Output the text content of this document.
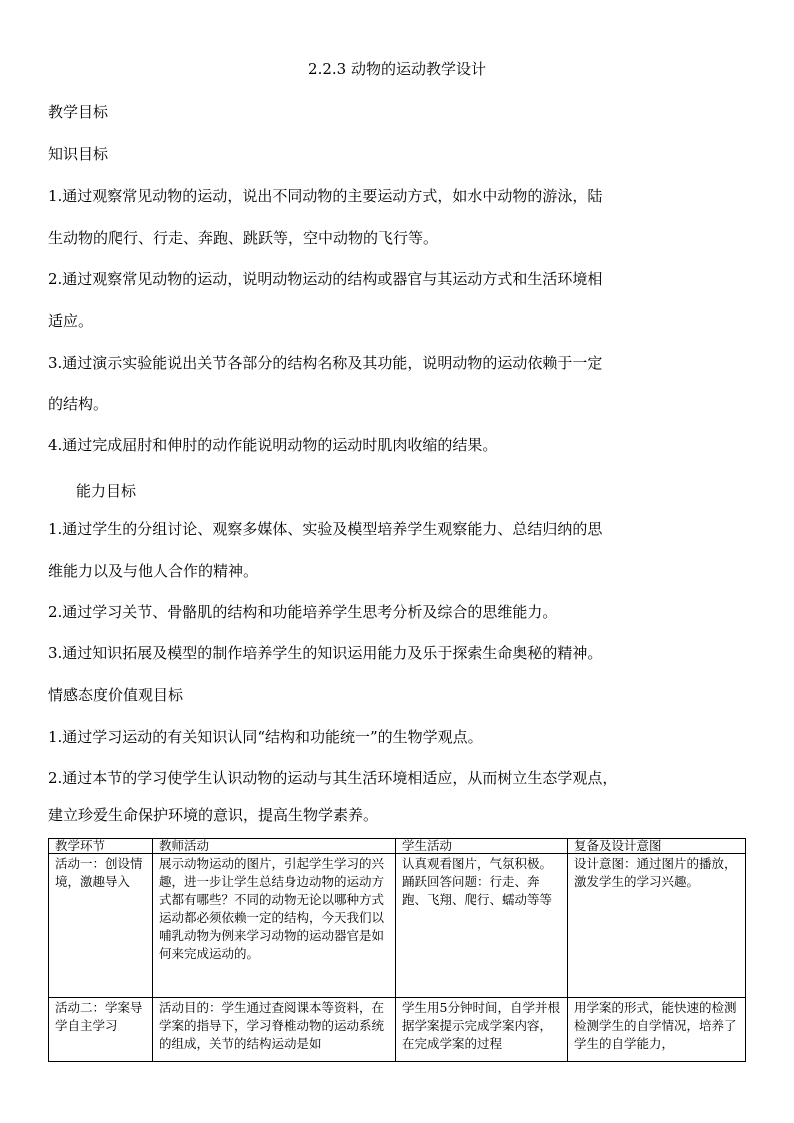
2.2.3 动物的运动教学设计
教学目标
知识目标
1.通过观察常见动物的运动，说出不同动物的主要运动方式，如水中动物的游泳，陆
生动物的爬行、行走、奔跑、跳跃等，空中动物的飞行等。
2.通过观察常见动物的运动，说明动物运动的结构或器官与其运动方式和生活环境相
适应。
3.通过演示实验能说出关节各部分的结构名称及其功能，说明动物的运动依赖于一定
的结构。
4.通过完成屈肘和伸肘的动作能说明动物的运动时肌肉收缩的结果。
能力目标
1.通过学生的分组讨论、观察多媒体、实验及模型培养学生观察能力、总结归纳的思
维能力以及与他人合作的精神。
2.通过学习关节、骨骼肌的结构和功能培养学生思考分析及综合的思维能力。
3.通过知识拓展及模型的制作培养学生的知识运用能力及乐于探索生命奥秘的精神。
情感态度价值观目标
1.通过学习运动的有关知识认同“结构和功能统一”的生物学观点。
2.通过本节的学习使学生认识动物的运动与其生活环境相适应，从而树立生态学观点，
建立珍爱生命保护环境的意识，提高生物学素养。
教学环节	教师活动	学生活动	复备及设计意图

活动一：创设情境，激趣导入	展示动物运动的图片，引起学生学习的兴趣，进一步让学生总结身边动物的运动方式都有哪些？不同的动物无论以哪种方式运动都必须依赖一定的结构，今天我们以哺乳动物为例来学习动物的运动器官是如何来完成运动的。	认真观看图片，气氛积极。踊跃回答问题：行走、奔跑、飞翔、爬行、蠕动等等	设计意图：通过图片的播放，激发学生的学习兴趣。

活动二：学案导学自主学习	活动目的：学生通过查阅课本等资料，在学案的指导下，学习脊椎动物的运动系统的组成，关节的结构运动是如	学生用5分钟时间，自学并根据学案提示完成学案内容，在完成学案的过程	用学案的形式，能快速的检测检测学生的自学情况，培养了学生的自学能力，
